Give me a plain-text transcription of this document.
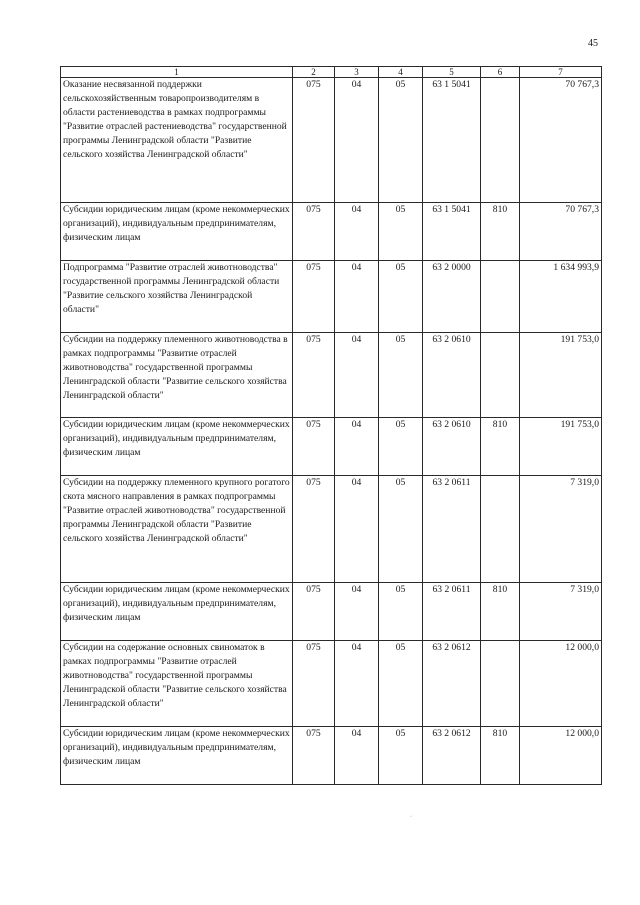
45
1	2	3	4	5	6	7
Оказание несвязанной поддержки сельскохозяйственным товаропроизводителям в области растениеводства в рамках подпрограммы "Развитие отраслей растениеводства" государственной программы Ленинградской области "Развитие сельского хозяйства Ленинградской области"	075	04	05	63 1 5041		70 767,3
Субсидии юридическим лицам (кроме некоммерческих организаций), индивидуальным предпринимателям, физическим лицам	075	04	05	63 1 5041	810	70 767,3
Подпрограмма "Развитие отраслей животноводства" государственной программы Ленинградской области "Развитие сельского хозяйства Ленинградской области"	075	04	05	63 2 0000		1 634 993,9
Субсидии на поддержку племенного животноводства в рамках подпрограммы "Развитие отраслей животноводства" государственной программы Ленинградской области "Развитие сельского хозяйства Ленинградской области"	075	04	05	63 2 0610		191 753,0
Субсидии юридическим лицам (кроме некоммерческих организаций), индивидуальным предпринимателям, физическим лицам	075	04	05	63 2 0610	810	191 753,0
Субсидии на поддержку племенного крупного рогатого скота мясного направления в рамках подпрограммы "Развитие отраслей животноводства" государственной программы Ленинградской области "Развитие сельского хозяйства Ленинградской области"	075	04	05	63 2 0611		7 319,0
Субсидии юридическим лицам (кроме некоммерческих организаций), индивидуальным предпринимателям, физическим лицам	075	04	05	63 2 0611	810	7 319,0
Субсидии на содержание основных свиноматок в рамках подпрограммы "Развитие отраслей животноводства" государственной программы Ленинградской области "Развитие сельского хозяйства Ленинградской области"	075	04	05	63 2 0612		12 000,0
Субсидии юридическим лицам (кроме некоммерческих организаций), индивидуальным предпринимателям, физическим лицам	075	04	05	63 2 0612	810	12 000,0
·
